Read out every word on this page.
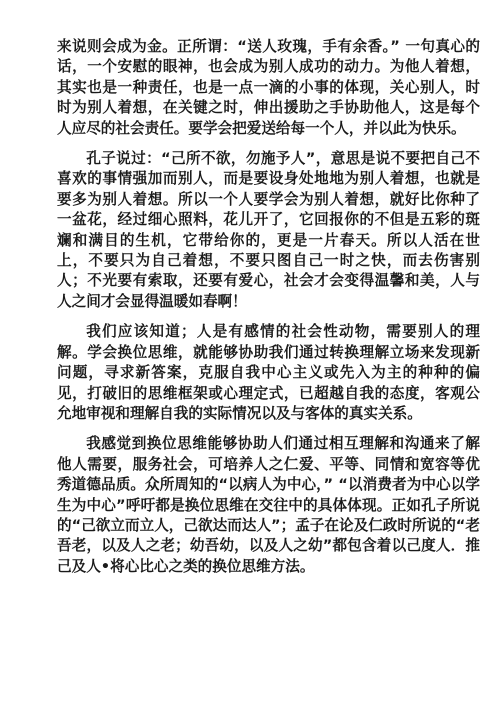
来说则会成为金。正所谓：“送人玫瑰，手有余香。” 一句真心的话，一个安慰的眼神，也会成为别人成功的动力。为他人着想，其实也是一种责任，也是一点一滴的小事的体现，关心别人，时时为别人着想，在关键之时，伸出援助之手协助他人，这是每个人应尽的社会责任。要学会把爱送给每一个人，并以此为快乐。

孔子说过：“己所不欲，勿施予人”，意思是说不要把自己不喜欢的事情强加而别人，而是要设身处地地为别人着想，也就是要多为别人着想。所以一个人要学会为别人着想，就好比你种了一盆花，经过细心照料，花儿开了，它回报你的不但是五彩的斑斓和满目的生机，它带给你的，更是一片春天。所以人活在世上，不要只为自己着想，不要只图自己一时之快，而去伤害别人；不光要有索取，还要有爱心，社会才会变得温馨和美，人与人之间才会显得温暖如春啊！

我们应该知道；人是有感情的社会性动物，需要别人的理解。学会换位思维，就能够协助我们通过转换理解立场来发现新问题，寻求新答案，克服自我中心主义或先入为主的种种的偏见，打破旧的思维框架或心理定式，已超越自我的态度，客观公允地审视和理解自我的实际情况以及与客体的真实关系。

我感觉到换位思维能够协助人们通过相互理解和沟通来了解他人需要，服务社会，可培养人之仁爱、平等、同情和宽容等优秀道德品质。众所周知的“以病人为中心，” “以消费者为中心以学生为中心”呼吁都是换位思维在交往中的具体体现。正如孔子所说的“己欲立而立人，己欲达而达人”；孟子在论及仁政时所说的“老吾老，以及人之老；幼吾幼，以及人之幼”都包含着以己度人．推己及人•将心比心之类的换位思维方法。
